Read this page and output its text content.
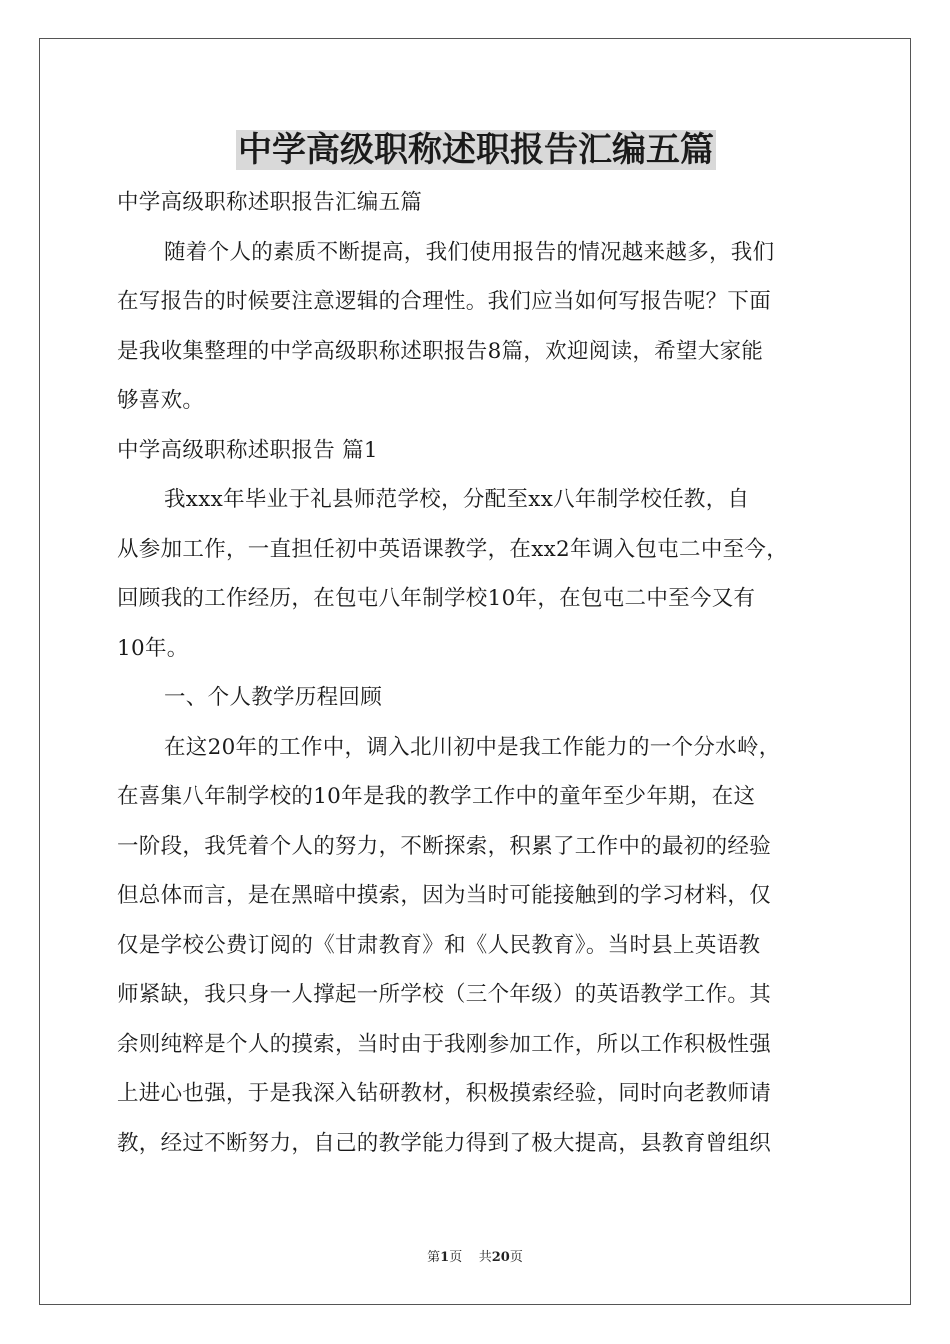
中学高级职称述职报告汇编五篇

中学高级职称述职报告汇编五篇

随着个人的素质不断提高，我们使用报告的情况越来越多，我们

在写报告的时候要注意逻辑的合理性。我们应当如何写报告呢？下面

是我收集整理的中学高级职称述职报告8篇，欢迎阅读，希望大家能

够喜欢。

中学高级职称述职报告 篇1

我xxx年毕业于礼县师范学校，分配至xx八年制学校任教，自

从参加工作，一直担任初中英语课教学，在xx2年调入包屯二中至今，

回顾我的工作经历，在包屯八年制学校10年，在包屯二中至今又有

10年。

一、个人教学历程回顾

在这20年的工作中，调入北川初中是我工作能力的一个分水岭，

在喜集八年制学校的10年是我的教学工作中的童年至少年期，在这

一阶段，我凭着个人的努力，不断探索，积累了工作中的最初的经验

但总体而言，是在黑暗中摸索，因为当时可能接触到的学习材料，仅

仅是学校公费订阅的《甘肃教育》和《人民教育》。当时县上英语教

师紧缺，我只身一人撑起一所学校（三个年级）的英语教学工作。其

余则纯粹是个人的摸索，当时由于我刚参加工作，所以工作积极性强

上进心也强，于是我深入钻研教材，积极摸索经验，同时向老教师请

教，经过不断努力，自己的教学能力得到了极大提高，县教育曾组织

第1页 共20页
